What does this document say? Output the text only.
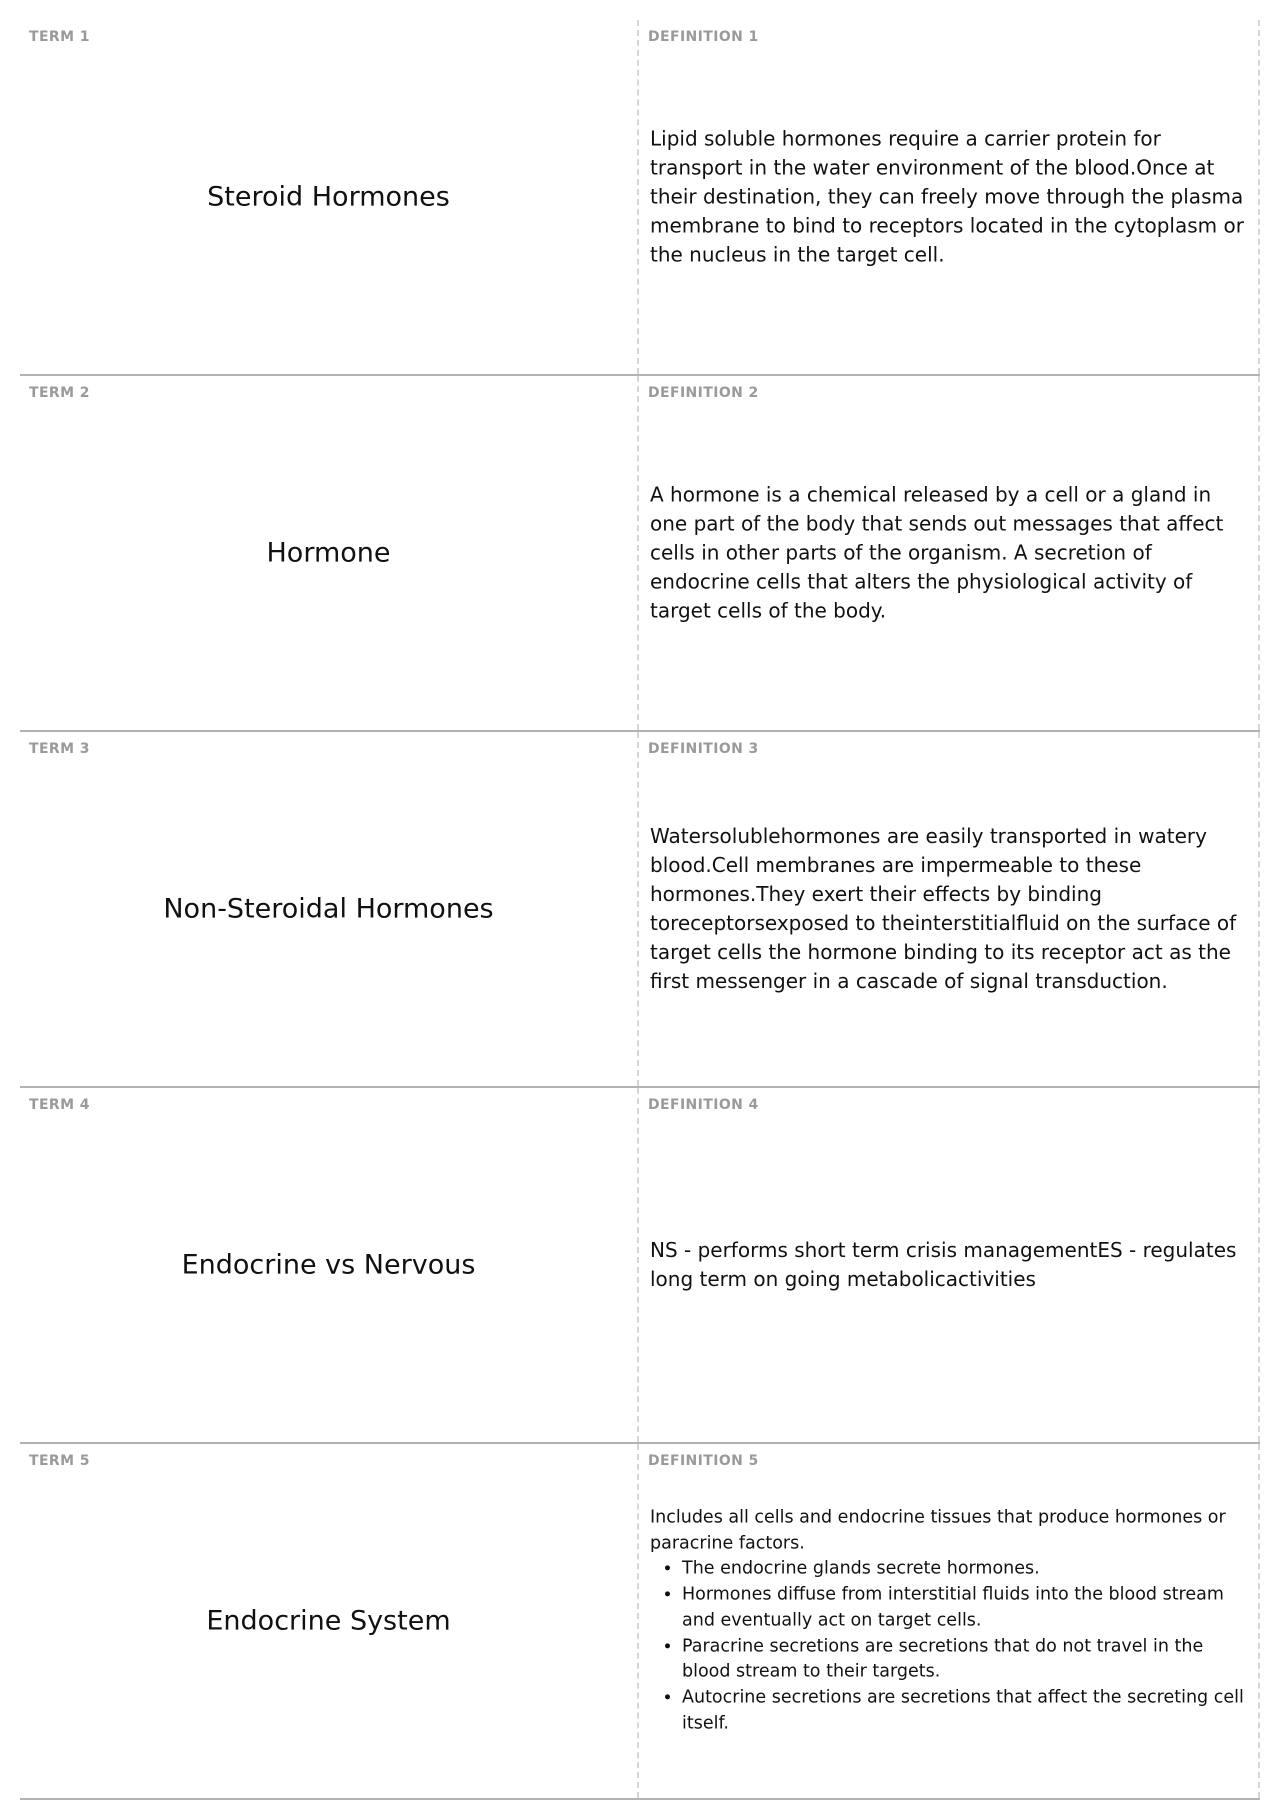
TERM 1
Steroid Hormones
DEFINITION 1
Lipid soluble hormones require a carrier protein for transport in the water environment of the blood.Once at their destination, they can freely move through the plasma membrane to bind to receptors located in the cytoplasm or the nucleus in the target cell.
TERM 2
Hormone
DEFINITION 2
A hormone is a chemical released by a cell or a gland in one part of the body that sends out messages that affect cells in other parts of the organism. A secretion of endocrine cells that alters the physiological activity of target cells of the body.
TERM 3
Non-Steroidal Hormones
DEFINITION 3
Watersolublehormones are easily transported in watery blood.Cell membranes are impermeable to these hormones.They exert their effects by binding toreceptorsexposed to theinterstitialfluid on the surface of target cells the hormone binding to its receptor act as the first messenger in a cascade of signal transduction.
TERM 4
Endocrine vs Nervous
DEFINITION 4
NS - performs short term crisis managementES - regulates long term on going metabolicactivities
TERM 5
Endocrine System
DEFINITION 5
Includes all cells and endocrine tissues that produce hormones or paracrine factors.
• The endocrine glands secrete hormones.
• Hormones diffuse from interstitial fluids into the blood stream and eventually act on target cells.
• Paracrine secretions are secretions that do not travel in the blood stream to their targets.
• Autocrine secretions are secretions that affect the secreting cell itself.
